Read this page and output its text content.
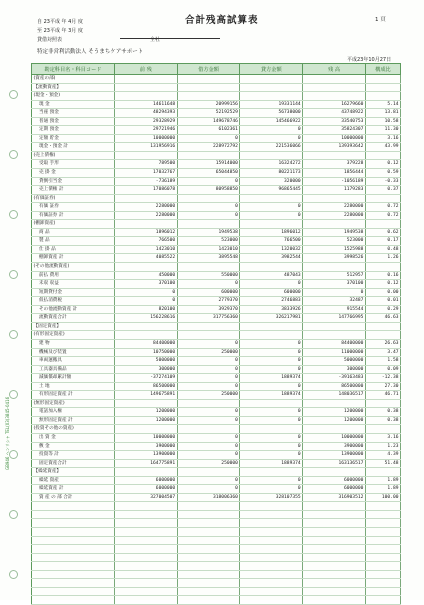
合計残高試算表	1 頁
自 23平成 年 4月 度
至 23平成 年 3月 度
貸借対照表	全社
特定非営利活動法人 そうまちケアサポート
平成23年10月27日
GB946 ヘンリシャ TEL(03)3845-0416
勘定科目名・科目コード	前 残	借方金額	貸方金額	残 高	構成比
(資産の部)					
【流動資産】					
(現金・預金)					
現 金	14611648	20999156	19331144	16279660	5.14
当座 預金	48294393	52192529	56738000	43748922	13.81
普通 預金	29328929	149678746	145466922	33540753	10.58
定期 預金	29721946	6102361	0	35824307	11.30
定額 貯金	10000000	0	0	10000000	3.16
現金・預金 計	131956916	228972792	221536066	139393642	43.99
(売上債権)					
受取 手形	789500	15914000	16324272	379228	0.12
売 掛 金	17032767	65044850	80221173	1856444	0.59
貸倒引当金	-736189	0	320000	-1056189	-0.33
売上債権 計	17086078	80958850	96865445	1179283	0.37
(有価証券)					
有価 証券	2280000	0	0	2280000	0.72
有価証券 計	2280000	0	0	2280000	0.72
(棚卸資産)					
商 品	1896012	1949538	1896012	1949538	0.62
製 品	766500	523000	766500	523000	0.17
仕 掛 品	1423010	1423010	1320032	1525988	0.48
棚卸資産 計	4085522	3895548	3982544	3998526	1.26
(その他流動資産)					
前払 費用	450000	550000	487043	512957	0.16
未収 収益	370100	0	0	370100	0.12
短期貸付金	0	600000	600000	0	0.00
仮払消費税	0	2779370	2746883	32487	0.01
その他流動資産 計	820100	3929370	3833926	915544	0.29
流動資産合計	156228616	317756360	326217981	147766995	46.63
【固定資産】					
(有形固定資産)					
建 物	84400000	0	0	84400000	26.63
機械及び装置	10750000	250000	0	11000000	3.47
車両運搬具	5000000	0	0	5000000	1.58
工具器具備品	300000	0	0	300000	0.09
減価償却累計額	-37274109	0	1889374	-39163483	-12.38
土 地	86500000	0	0	86500000	27.30
有形固定資産 計	149675891	250000	1889374	148036517	46.71
(無形固定資産)					
電話加入権	1200000	0	0	1200000	0.38
無形固定資産 計	1200000	0	0	1200000	0.38
(投資その他の資産)					
出 資 金	10000000	0	0	10000000	3.16
敷 金	3900000	0	0	3900000	1.23
投資等 計	13900000	0	0	13900000	4.39
固定資産合計	164775891	250000	1889374	163136517	51.48
【繰延資産】					
繰延 資産	6000000	0	0	6000000	1.89
繰延資産 計	6000000	0	0	6000000	1.89
資 産 の 部 合計	327004507	318006360	328107355	316903512	100.00
